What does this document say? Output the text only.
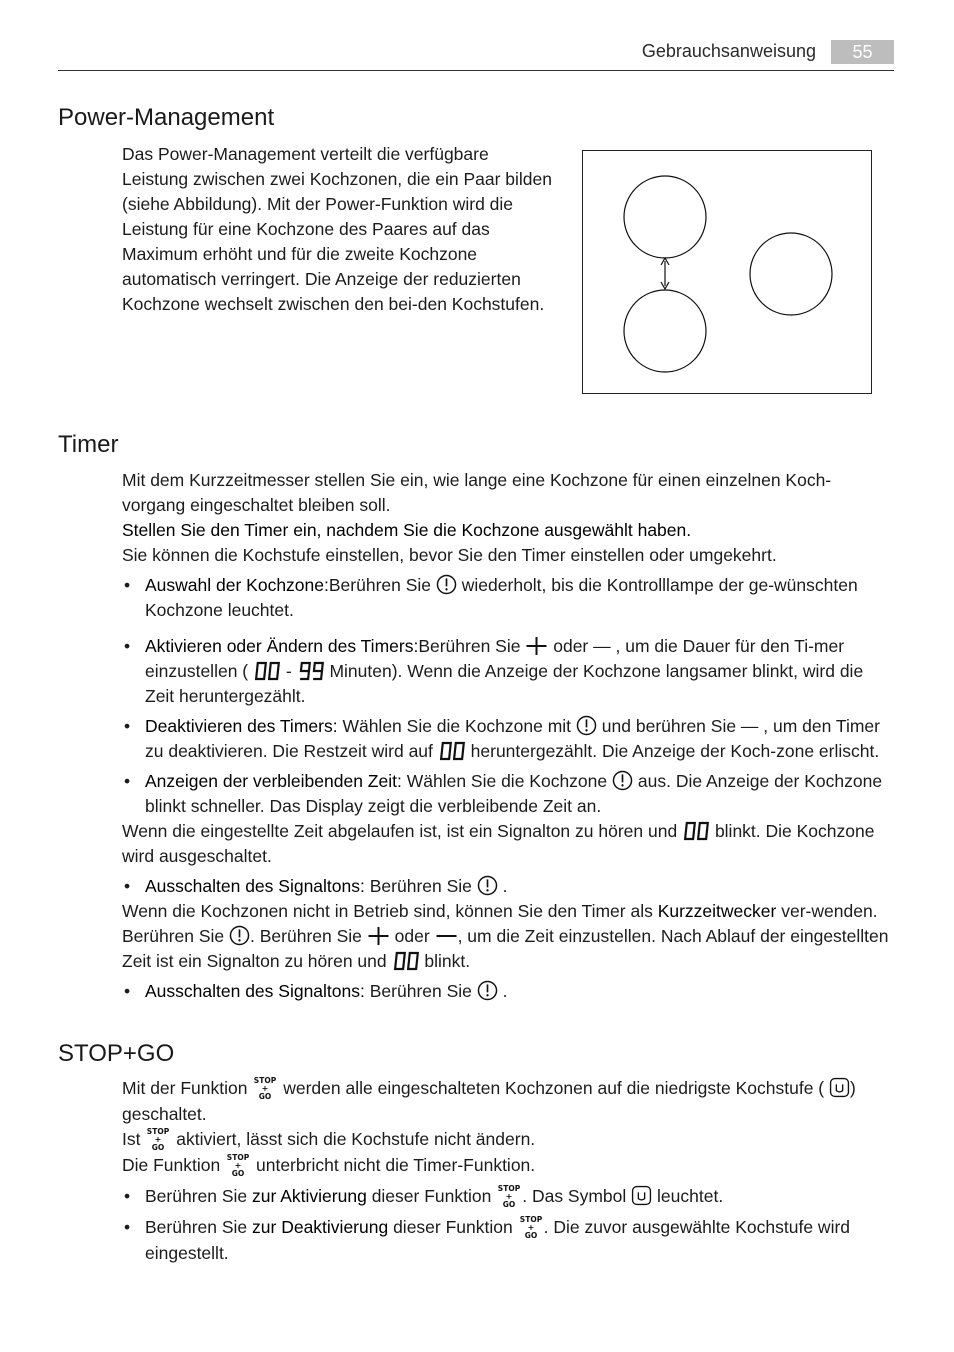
Gebrauchsanweisung	55
Power-Management

Das Power-Management verteilt die verfügbare Leistung zwischen zwei Kochzonen, die ein Paar bilden (siehe Abbildung). Mit der Power-Funktion wird die Leistung für eine Kochzone des Paares auf das Maximum erhöht und für die zweite Kochzone automatisch verringert. Die Anzeige der reduzierten Kochzone wechselt zwischen den bei-den Kochstufen.

Timer

Mit dem Kurzzeitmesser stellen Sie ein, wie lange eine Kochzone für einen einzelnen Koch-vorgang eingeschaltet bleiben soll.

Stellen Sie den Timer ein, nachdem Sie die Kochzone ausgewählt haben.

Sie können die Kochstufe einstellen, bevor Sie den Timer einstellen oder umgekehrt.

• Auswahl der Kochzone:Berühren Sie wiederholt, bis die Kontrolllampe der ge-wünschten Kochzone leuchtet.
• Aktivieren oder Ändern des Timers:Berühren Sie oder — , um die Dauer für den Ti-mer einzustellen ( - Minuten). Wenn die Anzeige der Kochzone langsamer blinkt, wird die Zeit heruntergezählt.
• Deaktivieren des Timers: Wählen Sie die Kochzone mit und berühren Sie — , um den Timer zu deaktivieren. Die Restzeit wird auf heruntergezählt. Die Anzeige der Koch-zone erlischt.
• Anzeigen der verbleibenden Zeit: Wählen Sie die Kochzone aus. Die Anzeige der Kochzone blinkt schneller. Das Display zeigt die verbleibende Zeit an.

Wenn die eingestellte Zeit abgelaufen ist, ist ein Signalton zu hören und blinkt. Die Kochzone wird ausgeschaltet.

• Ausschalten des Signaltons: Berühren Sie .

Wenn die Kochzonen nicht in Betrieb sind, können Sie den Timer als Kurzzeitwecker ver-wenden. Berühren Sie . Berühren Sie oder , um die Zeit einzustellen. Nach Ablauf der eingestellten Zeit ist ein Signalton zu hören und blinkt.

• Ausschalten des Signaltons: Berühren Sie .
STOP+GO

Mit der Funktion werden alle eingeschalteten Kochzonen auf die niedrigste Kochstufe ( ) geschaltet.

Ist aktiviert, lässt sich die Kochstufe nicht ändern.

Die Funktion unterbricht nicht die Timer-Funktion.

• Berühren Sie zur Aktivierung dieser Funktion . Das Symbol leuchtet.
• Berühren Sie zur Deaktivierung dieser Funktion . Die zuvor ausgewählte Kochstufe wird eingestellt.
